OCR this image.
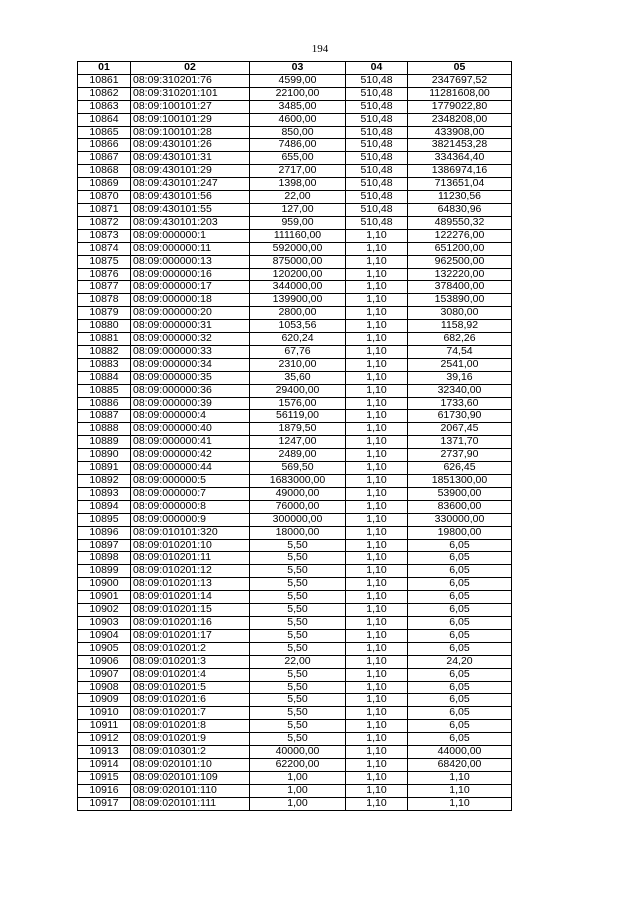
194
01	02	03	04	05
10861	08:09:310201:76	4599,00	510,48	2347697,52
10862	08:09:310201:101	22100,00	510,48	11281608,00
10863	08:09:100101:27	3485,00	510,48	1779022,80
10864	08:09:100101:29	4600,00	510,48	2348208,00
10865	08:09:100101:28	850,00	510,48	433908,00
10866	08:09:430101:26	7486,00	510,48	3821453,28
10867	08:09:430101:31	655,00	510,48	334364,40
10868	08:09:430101:29	2717,00	510,48	1386974,16
10869	08:09:430101:247	1398,00	510,48	713651,04
10870	08:09:430101:56	22,00	510,48	11230,56
10871	08:09:430101:55	127,00	510,48	64830,96
10872	08:09:430101:203	959,00	510,48	489550,32
10873	08:09:000000:1	111160,00	1,10	122276,00
10874	08:09:000000:11	592000,00	1,10	651200,00
10875	08:09:000000:13	875000,00	1,10	962500,00
10876	08:09:000000:16	120200,00	1,10	132220,00
10877	08:09:000000:17	344000,00	1,10	378400,00
10878	08:09:000000:18	139900,00	1,10	153890,00
10879	08:09:000000:20	2800,00	1,10	3080,00
10880	08:09:000000:31	1053,56	1,10	1158,92
10881	08:09:000000:32	620,24	1,10	682,26
10882	08:09:000000:33	67,76	1,10	74,54
10883	08:09:000000:34	2310,00	1,10	2541,00
10884	08:09:000000:35	35,60	1,10	39,16
10885	08:09:000000:36	29400,00	1,10	32340,00
10886	08:09:000000:39	1576,00	1,10	1733,60
10887	08:09:000000:4	56119,00	1,10	61730,90
10888	08:09:000000:40	1879,50	1,10	2067,45
10889	08:09:000000:41	1247,00	1,10	1371,70
10890	08:09:000000:42	2489,00	1,10	2737,90
10891	08:09:000000:44	569,50	1,10	626,45
10892	08:09:000000:5	1683000,00	1,10	1851300,00
10893	08:09:000000:7	49000,00	1,10	53900,00
10894	08:09:000000:8	76000,00	1,10	83600,00
10895	08:09:000000:9	300000,00	1,10	330000,00
10896	08:09:010101:320	18000,00	1,10	19800,00
10897	08:09:010201:10	5,50	1,10	6,05
10898	08:09:010201:11	5,50	1,10	6,05
10899	08:09:010201:12	5,50	1,10	6,05
10900	08:09:010201:13	5,50	1,10	6,05
10901	08:09:010201:14	5,50	1,10	6,05
10902	08:09:010201:15	5,50	1,10	6,05
10903	08:09:010201:16	5,50	1,10	6,05
10904	08:09:010201:17	5,50	1,10	6,05
10905	08:09:010201:2	5,50	1,10	6,05
10906	08:09:010201:3	22,00	1,10	24,20
10907	08:09:010201:4	5,50	1,10	6,05
10908	08:09:010201:5	5,50	1,10	6,05
10909	08:09:010201:6	5,50	1,10	6,05
10910	08:09:010201:7	5,50	1,10	6,05
10911	08:09:010201:8	5,50	1,10	6,05
10912	08:09:010201:9	5,50	1,10	6,05
10913	08:09:010301:2	40000,00	1,10	44000,00
10914	08:09:020101:10	62200,00	1,10	68420,00
10915	08:09:020101:109	1,00	1,10	1,10
10916	08:09:020101:110	1,00	1,10	1,10
10917	08:09:020101:111	1,00	1,10	1,10
